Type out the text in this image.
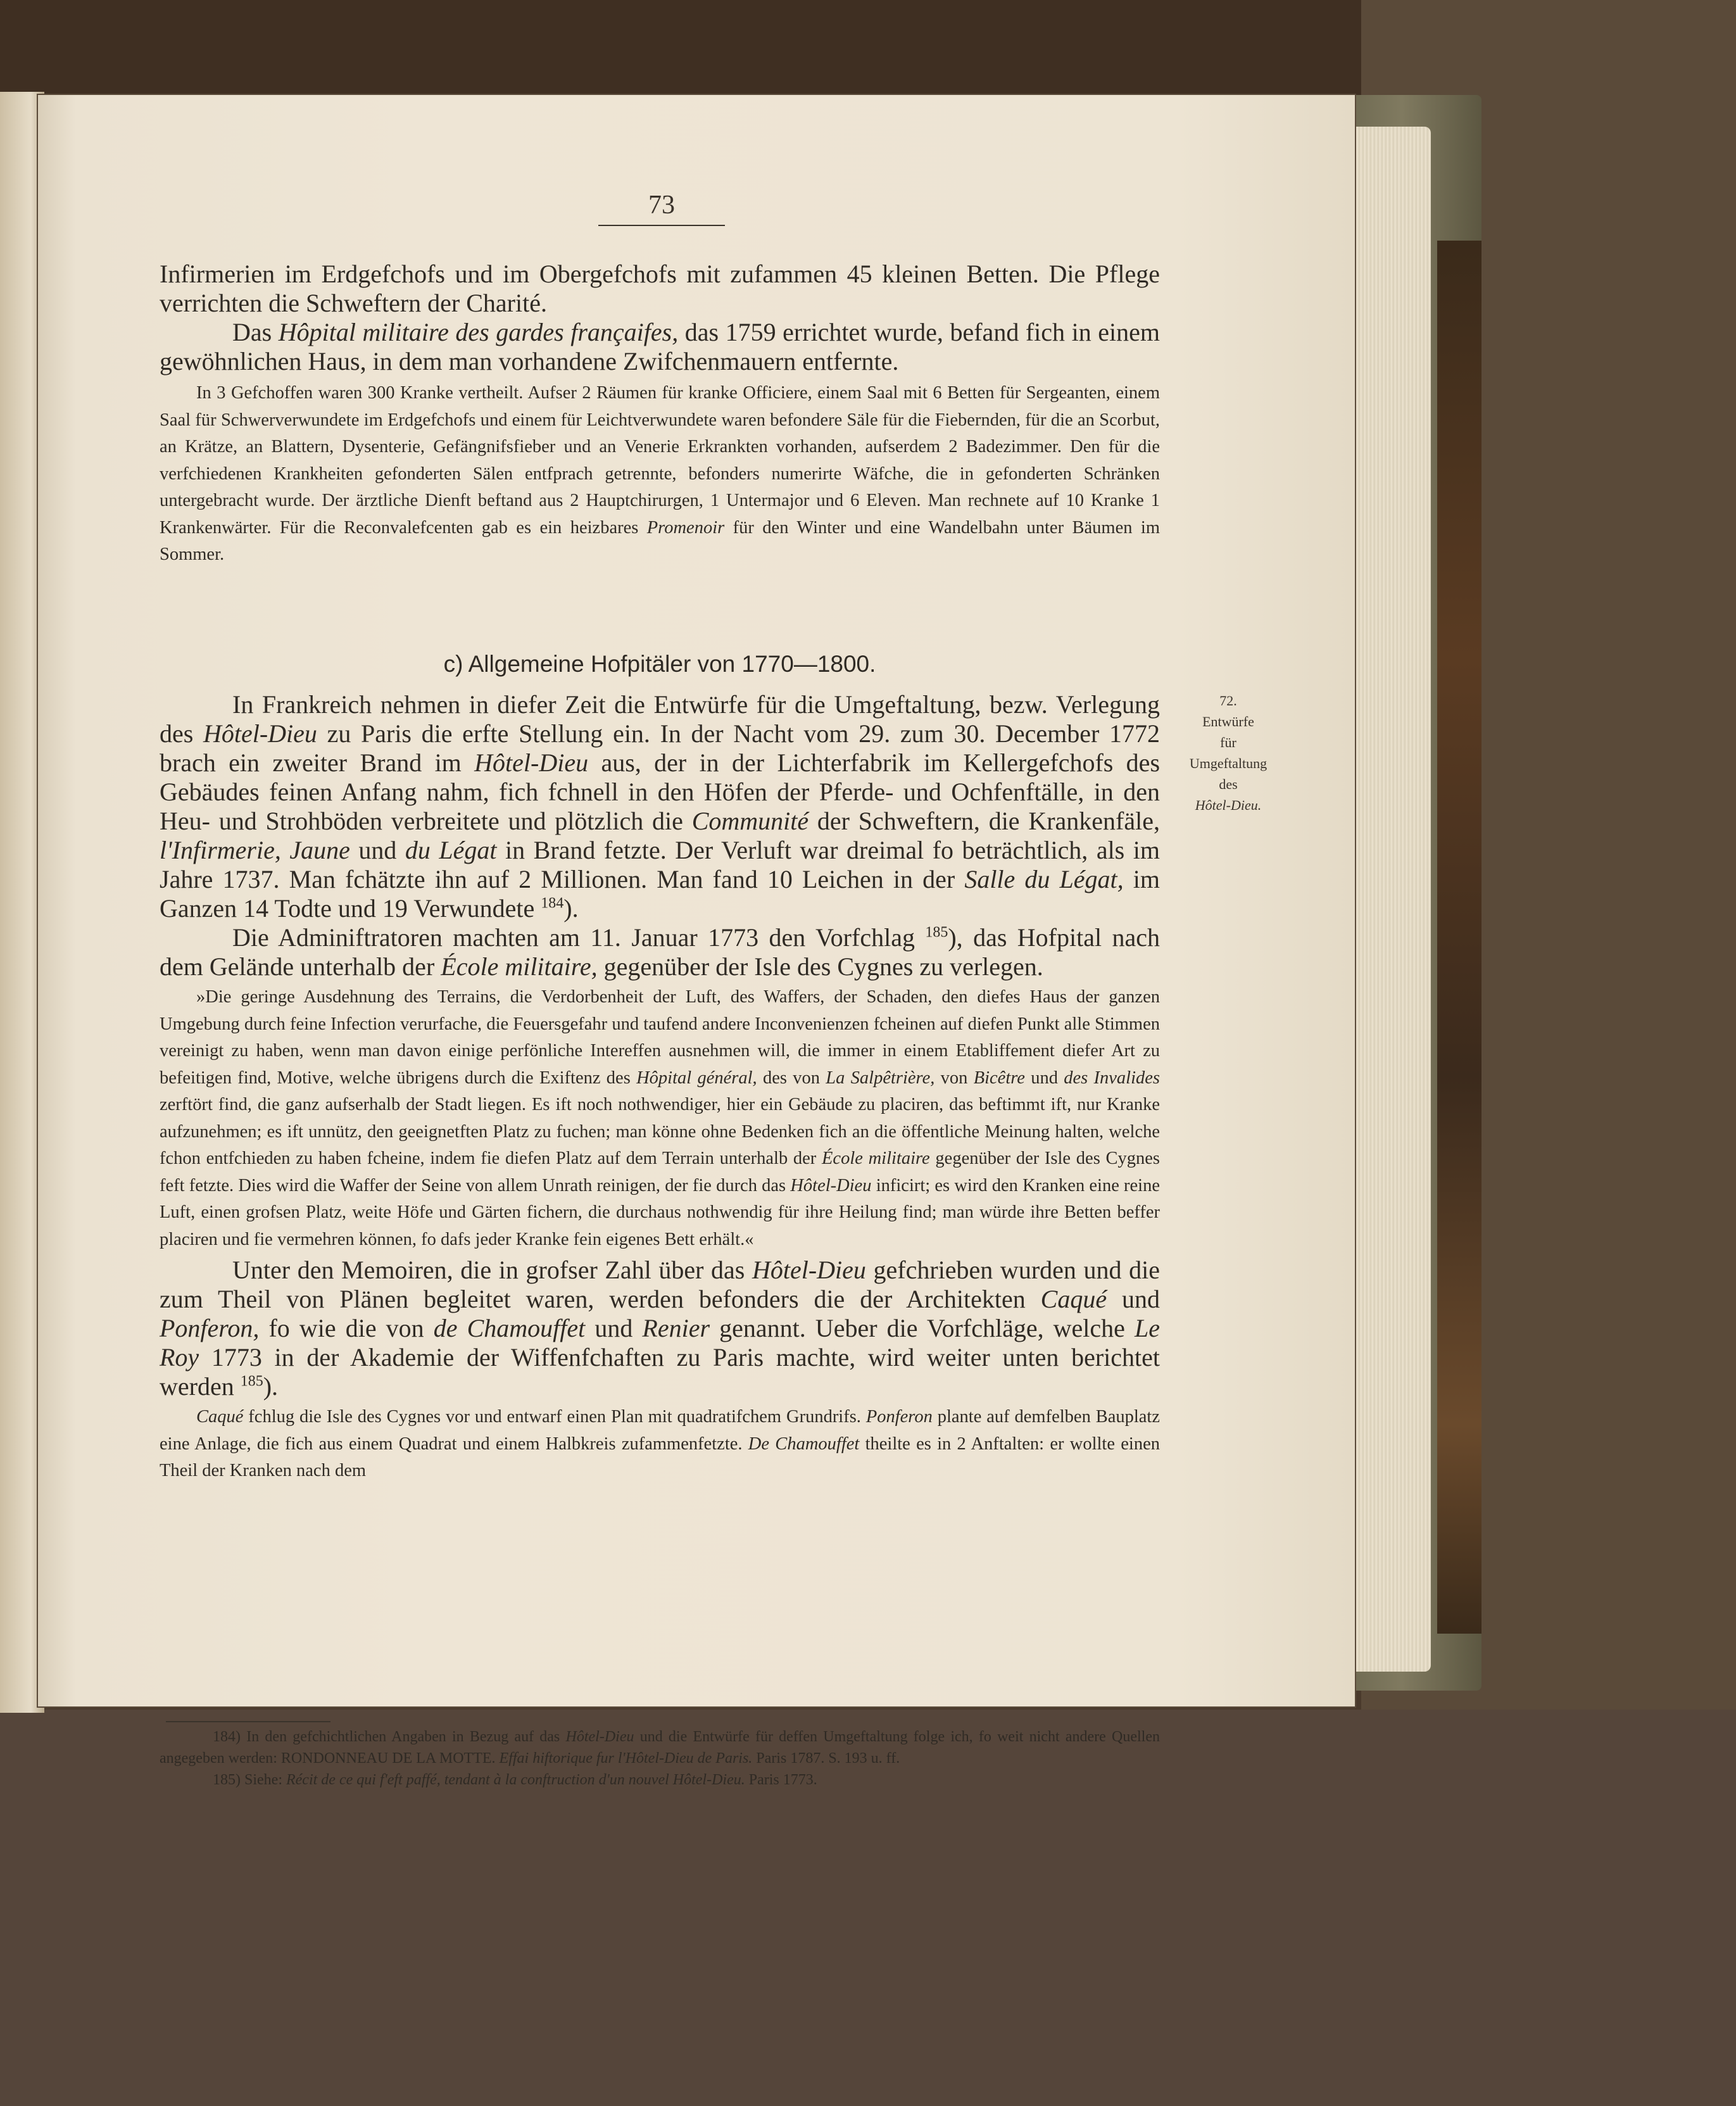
73

Infirmerien im Erdgefchofs und im Obergefchofs mit zufammen 45 kleinen Betten. Die Pflege verrichten die Schweftern der Charité.

Das Hôpital militaire des gardes françaifes, das 1759 errichtet wurde, befand fich in einem gewöhnlichen Haus, in dem man vorhandene Zwifchenmauern entfernte.

In 3 Gefchoffen waren 300 Kranke vertheilt. Aufser 2 Räumen für kranke Officiere, einem Saal mit 6 Betten für Sergeanten, einem Saal für Schwerverwundete im Erdgefchofs und einem für Leichtverwundete waren befondere Säle für die Fiebernden, für die an Scorbut, an Krätze, an Blattern, Dysenterie, Gefängnifsfieber und an Venerie Erkrankten vorhanden, aufserdem 2 Badezimmer. Den für die verfchiedenen Krankheiten gefonderten Sälen entfprach getrennte, befonders numerirte Wäfche, die in gefonderten Schränken untergebracht wurde. Der ärztliche Dienft beftand aus 2 Hauptchirurgen, 1 Untermajor und 6 Eleven. Man rechnete auf 10 Kranke 1 Krankenwärter. Für die Reconvalefcenten gab es ein heizbares Promenoir für den Winter und eine Wandelbahn unter Bäumen im Sommer.

c) Allgemeine Hofpitäler von 1770—1800.
72.
Entwürfe
für
Umgeftaltung
des
Hôtel-Dieu.

In Frankreich nehmen in diefer Zeit die Entwürfe für die Umgeftaltung, bezw. Verlegung des Hôtel-Dieu zu Paris die erfte Stellung ein. In der Nacht vom 29. zum 30. December 1772 brach ein zweiter Brand im Hôtel-Dieu aus, der in der Lichterfabrik im Kellergefchofs des Gebäudes feinen Anfang nahm, fich fchnell in den Höfen der Pferde- und Ochfenftälle, in den Heu- und Strohböden verbreitete und plötzlich die Communité der Schweftern, die Krankenfäle, l'Infirmerie, Jaune und du Légat in Brand fetzte. Der Verluft war dreimal fo beträchtlich, als im Jahre 1737. Man fchätzte ihn auf 2 Millionen. Man fand 10 Leichen in der Salle du Légat, im Ganzen 14 Todte und 19 Verwundete $^{184}$).

Die Adminiftratoren machten am 11. Januar 1773 den Vorfchlag $^{185}$), das Hofpital nach dem Gelände unterhalb der École militaire, gegenüber der Isle des Cygnes zu verlegen.

»Die geringe Ausdehnung des Terrains, die Verdorbenheit der Luft, des Waffers, der Schaden, den diefes Haus der ganzen Umgebung durch feine Infection verurfache, die Feuersgefahr und taufend andere Inconvenienzen fcheinen auf diefen Punkt alle Stimmen vereinigt zu haben, wenn man davon einige perfönliche Intereffen ausnehmen will, die immer in einem Etabliffement diefer Art zu befeitigen find, Motive, welche übrigens durch die Exiftenz des Hôpital général, des von La Salpêtrière, von Bicêtre und des Invalides zerftört find, die ganz aufserhalb der Stadt liegen. Es ift noch nothwendiger, hier ein Gebäude zu placiren, das beftimmt ift, nur Kranke aufzunehmen; es ift unnütz, den geeignetften Platz zu fuchen; man könne ohne Bedenken fich an die öffentliche Meinung halten, welche fchon entfchieden zu haben fcheine, indem fie diefen Platz auf dem Terrain unterhalb der École militaire gegenüber der Isle des Cygnes feft fetzte. Dies wird die Waffer der Seine von allem Unrath reinigen, der fie durch das Hôtel-Dieu inficirt; es wird den Kranken eine reine Luft, einen grofsen Platz, weite Höfe und Gärten fichern, die durchaus nothwendig für ihre Heilung find; man würde ihre Betten beffer placiren und fie vermehren können, fo dafs jeder Kranke fein eigenes Bett erhält.«

Unter den Memoiren, die in grofser Zahl über das Hôtel-Dieu gefchrieben wurden und die zum Theil von Plänen begleitet waren, werden befonders die der Architekten Caqué und Ponferon, fo wie die von de Chamouffet und Renier genannt. Ueber die Vorfchläge, welche Le Roy 1773 in der Akademie der Wiffenfchaften zu Paris machte, wird weiter unten berichtet werden $^{185}$).

Caqué fchlug die Isle des Cygnes vor und entwarf einen Plan mit quadratifchem Grundrifs. Ponferon plante auf demfelben Bauplatz eine Anlage, die fich aus einem Quadrat und einem Halbkreis zufammenfetzte. De Chamouffet theilte es in 2 Anftalten: er wollte einen Theil der Kranken nach dem

184) In den gefchichtlichen Angaben in Bezug auf das Hôtel-Dieu und die Entwürfe für deffen Umgeftaltung folge ich, fo weit nicht andere Quellen angegeben werden: RONDONNEAU DE LA MOTTE. Effai hiftorique fur l'Hôtel-Dieu de Paris. Paris 1787. S. 193 u. ff.

185) Siehe: Récit de ce qui f'eft paffé, tendant à la conftruction d'un nouvel Hôtel-Dieu. Paris 1773.
